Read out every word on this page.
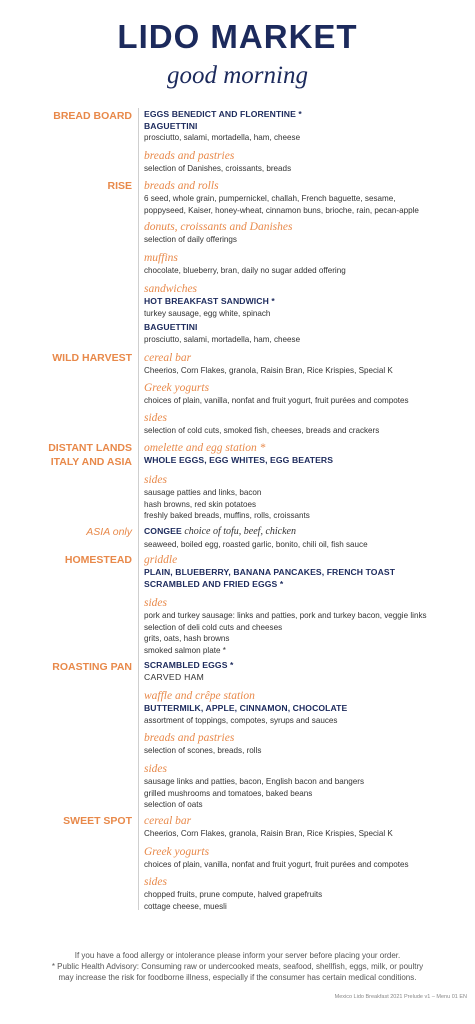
LIDO MARKET
good morning
BREAD BOARD
RISE
WILD HARVEST
DISTANT LANDS
ITALY AND ASIA
ASIA only
HOMESTEAD
ROASTING PAN
SWEET SPOT
EGGS BENEDICT AND FLORENTINE *
BAGUETTINI
prosciutto, salami, mortadella, ham, cheese
breads and pastries
selection of Danishes, croissants, breads
breads and rolls
6 seed, whole grain, pumpernickel, challah, French baguette, sesame,
poppyseed, Kaiser, honey-wheat, cinnamon buns, brioche, rain, pecan-apple
donuts, croissants and Danishes
selection of daily offerings
muffins
chocolate, blueberry, bran, daily no sugar added offering
sandwiches
HOT BREAKFAST SANDWICH *
turkey sausage, egg white, spinach
BAGUETTINI
prosciutto, salami, mortadella, ham, cheese
cereal bar
Cheerios, Corn Flakes, granola, Raisin Bran, Rice Krispies, Special K
Greek yogurts
choices of plain, vanilla, nonfat and fruit yogurt, fruit purées and compotes
sides
selection of cold cuts, smoked fish, cheeses, breads and crackers
omelette and egg station *
WHOLE EGGS, EGG WHITES, EGG BEATERS
sides
sausage patties and links, bacon
hash browns, red skin potatoes
freshly baked breads, muffins, rolls, croissants
CONGEE choice of tofu, beef, chicken
seaweed, boiled egg, roasted garlic, bonito, chili oil, fish sauce
griddle
PLAIN, BLUEBERRY, BANANA PANCAKES, FRENCH TOAST
SCRAMBLED AND FRIED EGGS *
sides
pork and turkey sausage: links and patties, pork and turkey bacon, veggie links
selection of deli cold cuts and cheeses
grits, oats, hash browns
smoked salmon plate *
SCRAMBLED EGGS *
CARVED HAM
waffle and crêpe station
BUTTERMILK, APPLE, CINNAMON, CHOCOLATE
assortment of toppings, compotes, syrups and sauces
breads and pastries
selection of scones, breads, rolls
sides
sausage links and patties, bacon, English bacon and bangers
grilled mushrooms and tomatoes, baked beans
selection of oats
cereal bar
Cheerios, Corn Flakes, granola, Raisin Bran, Rice Krispies, Special K
Greek yogurts
choices of plain, vanilla, nonfat and fruit yogurt, fruit purées and compotes
sides
chopped fruits, prune compute, halved grapefruits
cottage cheese, muesli
If you have a food allergy or intolerance please inform your server before placing your order.
* Public Health Advisory: Consuming raw or undercooked meats, seafood, shellfish, eggs, milk, or poultry
may increase the risk for foodborne illness, especially if the consumer has certain medical conditions.
Mexico Lido Breakfast 2021 Prelude v1 – Menu 01 EN
